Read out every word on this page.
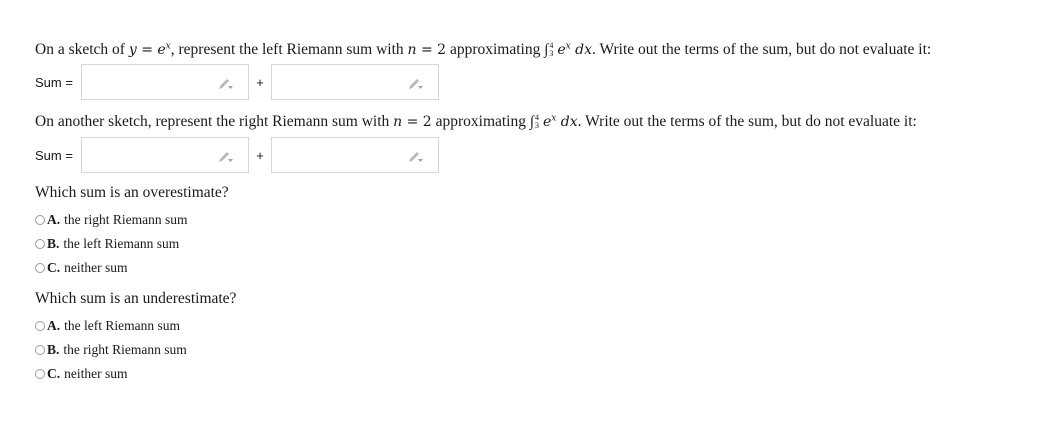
On a sketch of $y = e^x$, represent the left Riemann sum with n = 2 approximating ∫ 4
3 $e^x$ dx. Write out the terms of the sum, but do not evaluate it:
Sum =	+
On another sketch, represent the right Riemann sum with n = 2 approximating ∫ 4
3 $e^x$ dx. Write out the terms of the sum, but do not evaluate it:
Sum =	+
Which sum is an overestimate?
A. the right Riemann sum
B. the left Riemann sum
C. neither sum
Which sum is an underestimate?
A. the left Riemann sum
B. the right Riemann sum
C. neither sum
